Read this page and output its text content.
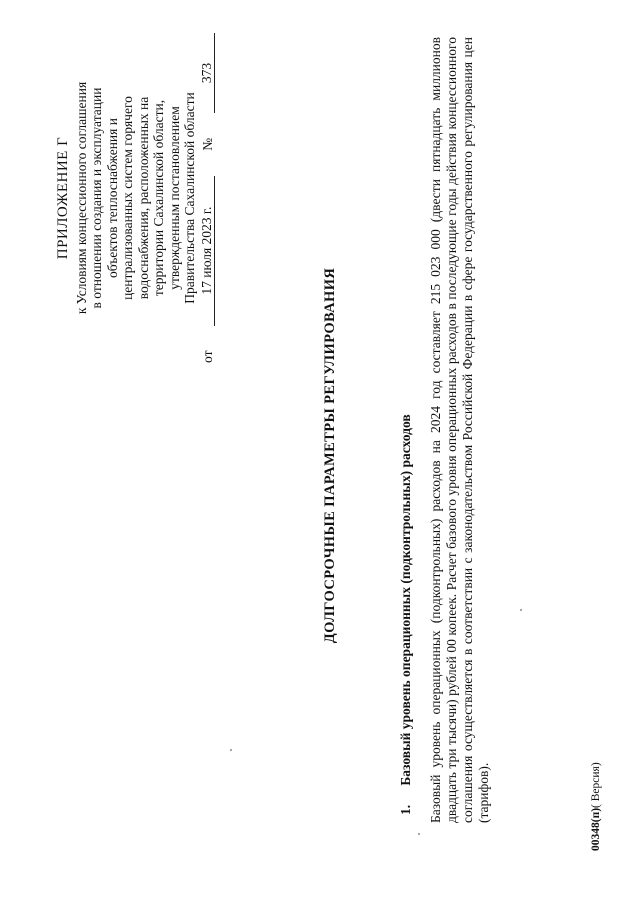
ПРИЛОЖЕНИЕ Г к Условиям концессионного соглашения в отношении создания и эксплуатации объектов теплоснабжения и централизованных систем горячего водоснабжения, расположенных на территории Сахалинской области, утвержденным постановлением Правительства Сахалинской области
от
17 июля 2023 г.
№
373
ДОЛГОСРОЧНЫЕ ПАРАМЕТРЫ РЕГУЛИРОВАНИЯ
1. Базовый уровень операционных (подконтрольных) расходов Базовый уровень операционных (подконтрольных) расходов на 2024 год составляет 215 023 000 (двести пятнадцать миллионов двадцать три тысячи) рублей 00 копеек. Расчет базового уровня операционных расходов в последующие годы действия концессионного соглашения осуществляется в соответствии с законодательством Российской Федерации в сфере государственного регулирования цен (тарифов).
00348(п)( Версия)
